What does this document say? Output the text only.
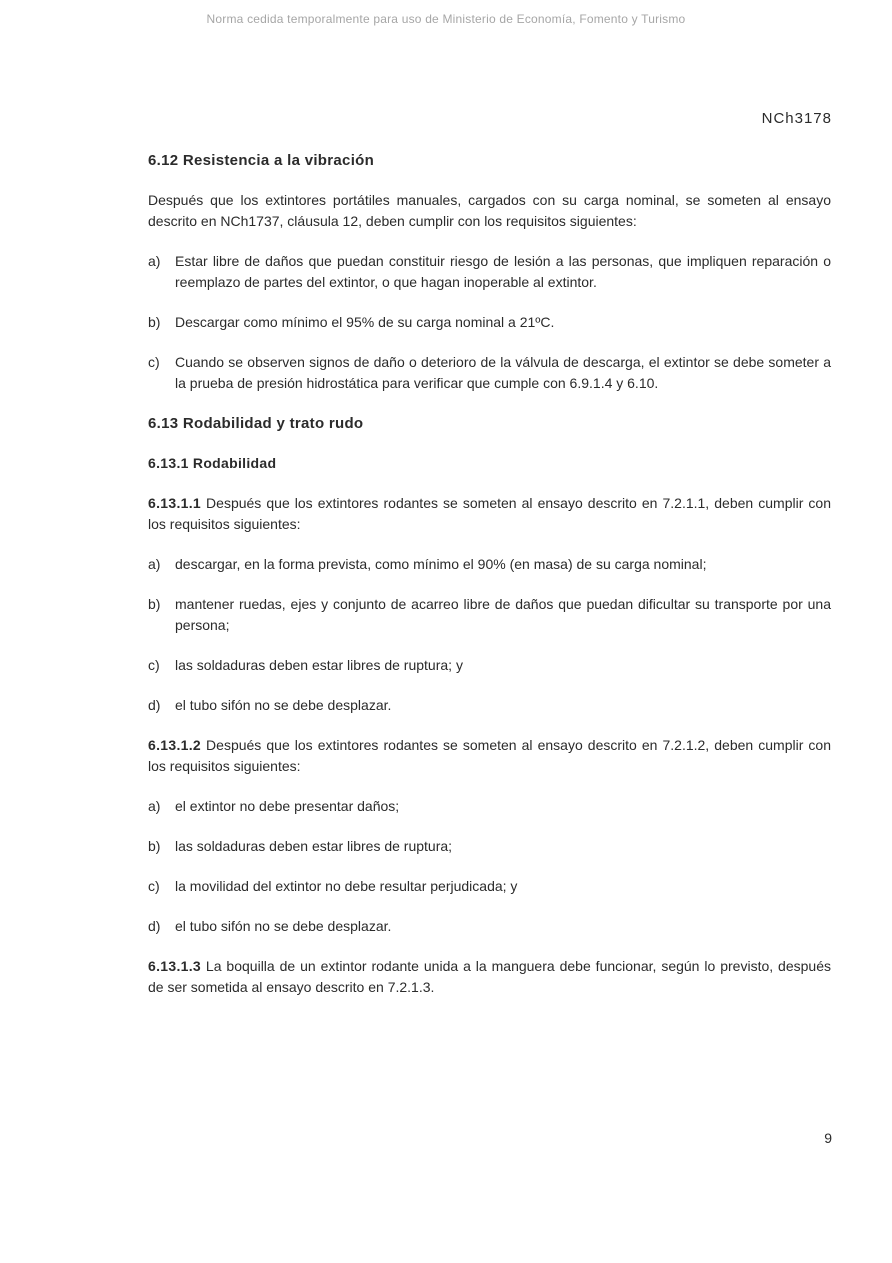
Norma cedida temporalmente para uso de Ministerio de Economía, Fomento y Turismo
NCh3178
6.12 Resistencia a la vibración

Después que los extintores portátiles manuales, cargados con su carga nominal, se someten al ensayo descrito en NCh1737, cláusula 12, deben cumplir con los requisitos siguientes:

a)	Estar libre de daños que puedan constituir riesgo de lesión a las personas, que impliquen reparación o reemplazo de partes del extintor, o que hagan inoperable al extintor.
b)	Descargar como mínimo el 95% de su carga nominal a 21ºC.
c)	Cuando se observen signos de daño o deterioro de la válvula de descarga, el extintor se debe someter a la prueba de presión hidrostática para verificar que cumple con 6.9.1.4 y 6.10.
6.13 Rodabilidad y trato rudo
6.13.1 Rodabilidad

6.13.1.1 Después que los extintores rodantes se someten al ensayo descrito en 7.2.1.1, deben cumplir con los requisitos siguientes:

a)	descargar, en la forma prevista, como mínimo el 90% (en masa) de su carga nominal;
b)	mantener ruedas, ejes y conjunto de acarreo libre de daños que puedan dificultar su transporte por una persona;
c)	las soldaduras deben estar libres de ruptura; y
d)	el tubo sifón no se debe desplazar.

6.13.1.2 Después que los extintores rodantes se someten al ensayo descrito en 7.2.1.2, deben cumplir con los requisitos siguientes:

a)	el extintor no debe presentar daños;
b)	las soldaduras deben estar libres de ruptura;
c)	la movilidad del extintor no debe resultar perjudicada; y
d)	el tubo sifón no se debe desplazar.

6.13.1.3 La boquilla de un extintor rodante unida a la manguera debe funcionar, según lo previsto, después de ser sometida al ensayo descrito en 7.2.1.3.

9
